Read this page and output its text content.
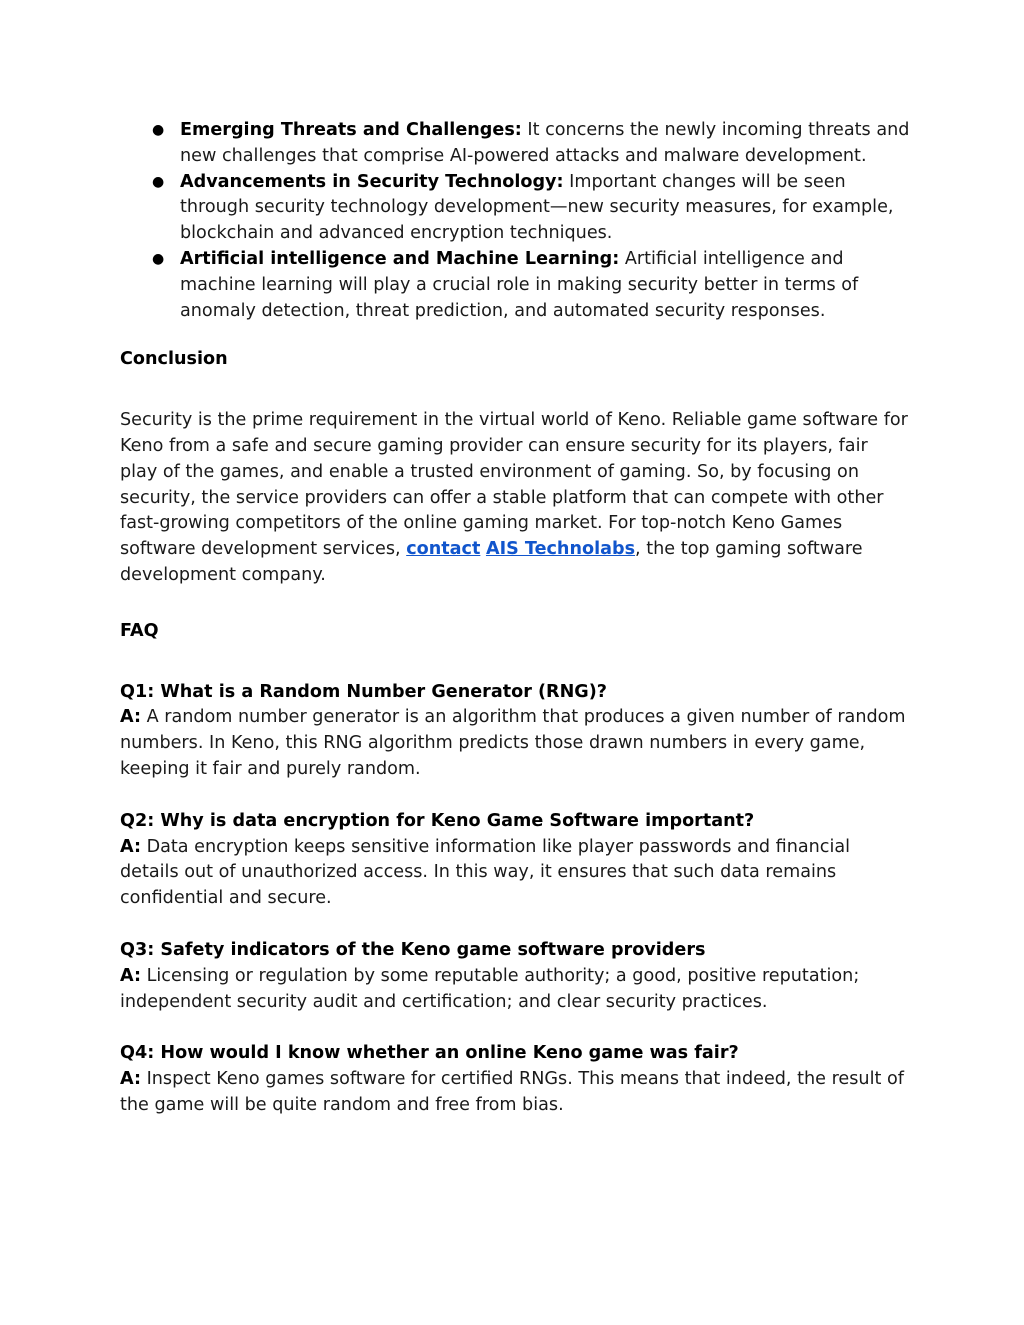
● Emerging Threats and Challenges: It concerns the newly incoming threats and new challenges that comprise AI-powered attacks and malware development.
● Advancements in Security Technology: Important changes will be seen through security technology development—new security measures, for example, blockchain and advanced encryption techniques.
● Artificial intelligence and Machine Learning: Artificial intelligence and machine learning will play a crucial role in making security better in terms of anomaly detection, threat prediction, and automated security responses.

Conclusion

Security is the prime requirement in the virtual world of Keno. Reliable game software for Keno from a safe and secure gaming provider can ensure security for its players, fair play of the games, and enable a trusted environment of gaming. So, by focusing on security, the service providers can offer a stable platform that can compete with other fast-growing competitors of the online gaming market. For top-notch Keno Games software development services, contact AIS Technolabs, the top gaming software development company.

FAQ

Q1: What is a Random Number Generator (RNG)?

A: A random number generator is an algorithm that produces a given number of random numbers. In Keno, this RNG algorithm predicts those drawn numbers in every game, keeping it fair and purely random.

Q2: Why is data encryption for Keno Game Software important?

A: Data encryption keeps sensitive information like player passwords and financial details out of unauthorized access. In this way, it ensures that such data remains confidential and secure.

Q3: Safety indicators of the Keno game software providers

A: Licensing or regulation by some reputable authority; a good, positive reputation; independent security audit and certification; and clear security practices.

Q4: How would I know whether an online Keno game was fair?

A: Inspect Keno games software for certified RNGs. This means that indeed, the result of the game will be quite random and free from bias.
